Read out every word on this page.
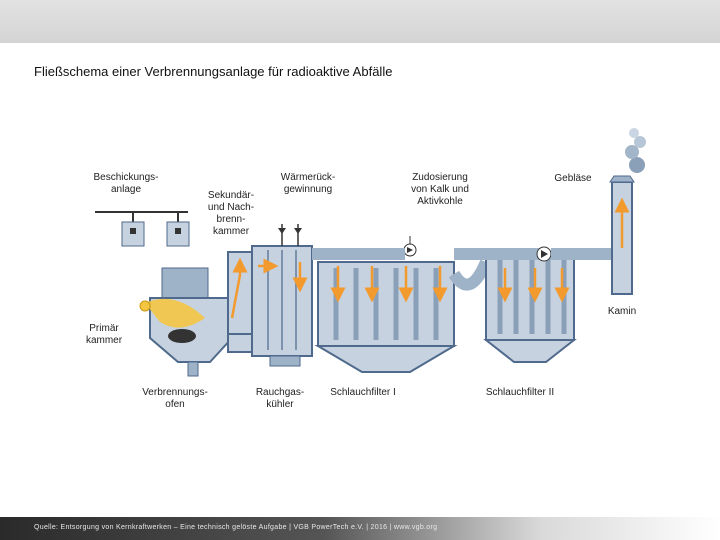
Fließschema einer Verbrennungsanlage für radioaktive Abfälle
Beschickungs-
anlage
Sekundär-
und Nach-
brenn-
kammer
Wärmerück-
gewinnung
Zudosierung
von Kalk und
Aktivkohle
Gebläse
Kamin
Primär
kammer
Verbrennungs-
ofen
Rauchgas-
kühler
Schlauchfilter I	Schlauchfilter II
Quelle: Entsorgung von Kernkraftwerken – Eine technisch gelöste Aufgabe | VGB PowerTech e.V. | 2016 | www.vgb.org
